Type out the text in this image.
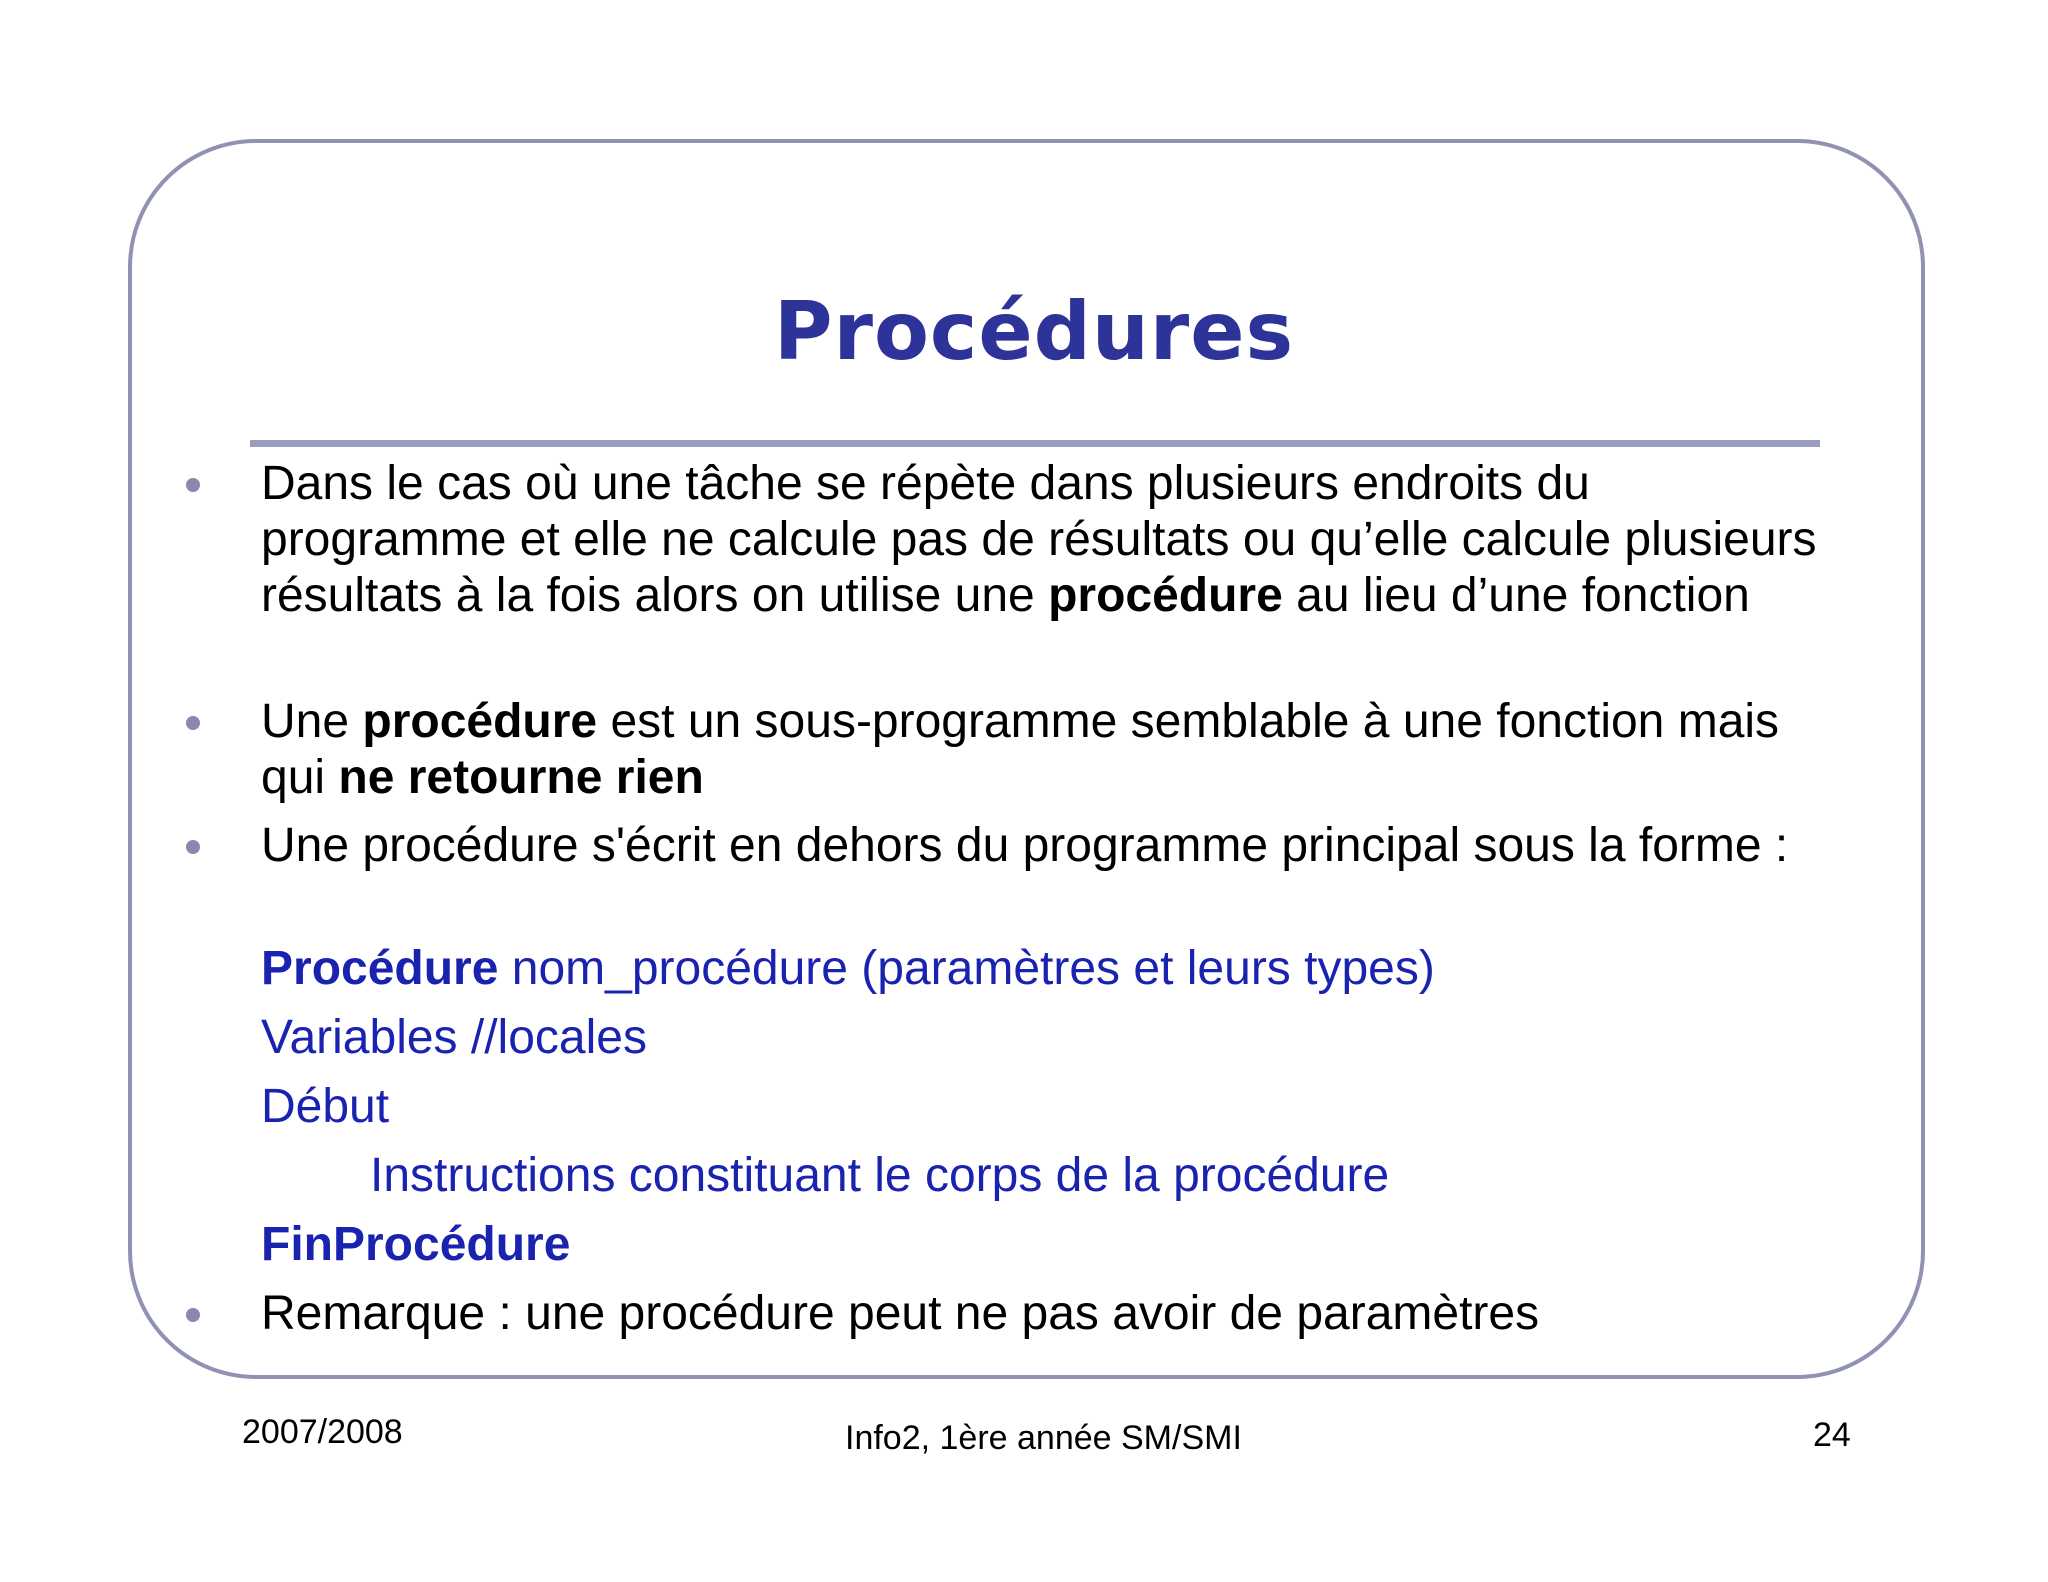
Procédures
Dans le cas où une tâche se répète dans plusieurs endroits du programme et elle ne calcule pas de résultats ou qu’elle calcule plusieurs résultats à la fois alors on utilise une procédure au lieu d’une fonction
Une procédure est un sous-programme semblable à une fonction mais qui ne retourne rien
Une procédure s'écrit en dehors du programme principal sous la forme :
Procédure nom_procédure (paramètres et leurs types)
Variables //locales
Début
Instructions constituant le corps de la procédure
FinProcédure
Remarque : une procédure peut ne pas avoir de paramètres
2007/2008	Info2, 1ère année SM/SMI	24
